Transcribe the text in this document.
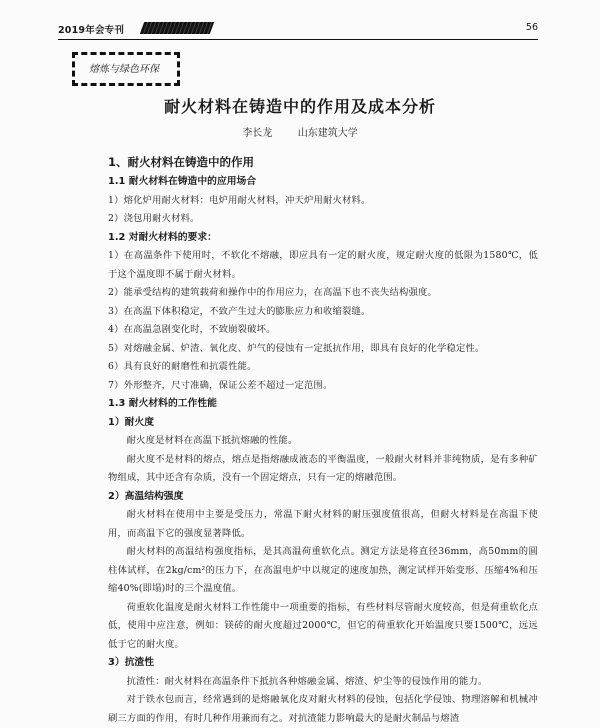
2019年会专刊	56
熔炼与绿色环保
耐火材料在铸造中的作用及成本分析
李长龙        山东建筑大学
1、耐火材料在铸造中的作用
1.1 耐火材料在铸造中的应用场合
1）熔化炉用耐火材料：电炉用耐火材料，冲天炉用耐火材料。
2）浇包用耐火材料。
1.2 对耐火材料的要求：
1）在高温条件下使用时，不软化不熔融，即应具有一定的耐火度，规定耐火度的低限为1580℃，低于这个温度即不属于耐火材料。
2）能承受结构的建筑载荷和操作中的作用应力，在高温下也不丧失结构强度。
3）在高温下体积稳定，不致产生过大的膨胀应力和收缩裂缝。
4）在高温急剧变化时，不致崩裂破坏。
5）对熔融金属、炉渣、氧化皮、炉气的侵蚀有一定抵抗作用，即具有良好的化学稳定性。
6）具有良好的耐磨性和抗震性能。
7）外形整齐，尺寸准确，保证公差不超过一定范围。
1.3 耐火材料的工作性能
1）耐火度
耐火度是材料在高温下抵抗熔融的性能。
耐火度不是材料的熔点，熔点是指熔融成液态的平衡温度，一般耐火材料并非纯物质，是有多种矿物组成，其中还含有杂质，没有一个固定熔点，只有一定的熔融范围。
2）高温结构强度
耐火材料在使用中主要是受压力，常温下耐火材料的耐压强度值很高，但耐火材料是在高温下使用，而高温下它的强度显著降低。
耐火材料的高温结构强度指标，是其高温荷重软化点。测定方法是将直径36mm，高50mm的圆柱体试样，在2kg/cm²的压力下，在高温电炉中以规定的速度加热，测定试样开始变形、压缩4%和压缩40%(即塌)时的三个温度值。
荷重软化温度是耐火材料工作性能中一项重要的指标，有些材料尽管耐火度较高，但是荷重软化点低，使用中应注意，例如：镁砖的耐火度超过2000℃，但它的荷重软化开始温度只要1500℃，远远低于它的耐火度。
3）抗渣性
抗渣性：耐火材料在高温条件下抵抗各种熔融金属、熔渣、炉尘等的侵蚀作用的能力。
对于铁水包而言，经常遇到的是熔融氧化皮对耐火材料的侵蚀，包括化学侵蚀、物理溶解和机械冲刷三方面的作用，有时几种作用兼而有之。对抗渣能力影响最大的是耐火制品与熔渣
